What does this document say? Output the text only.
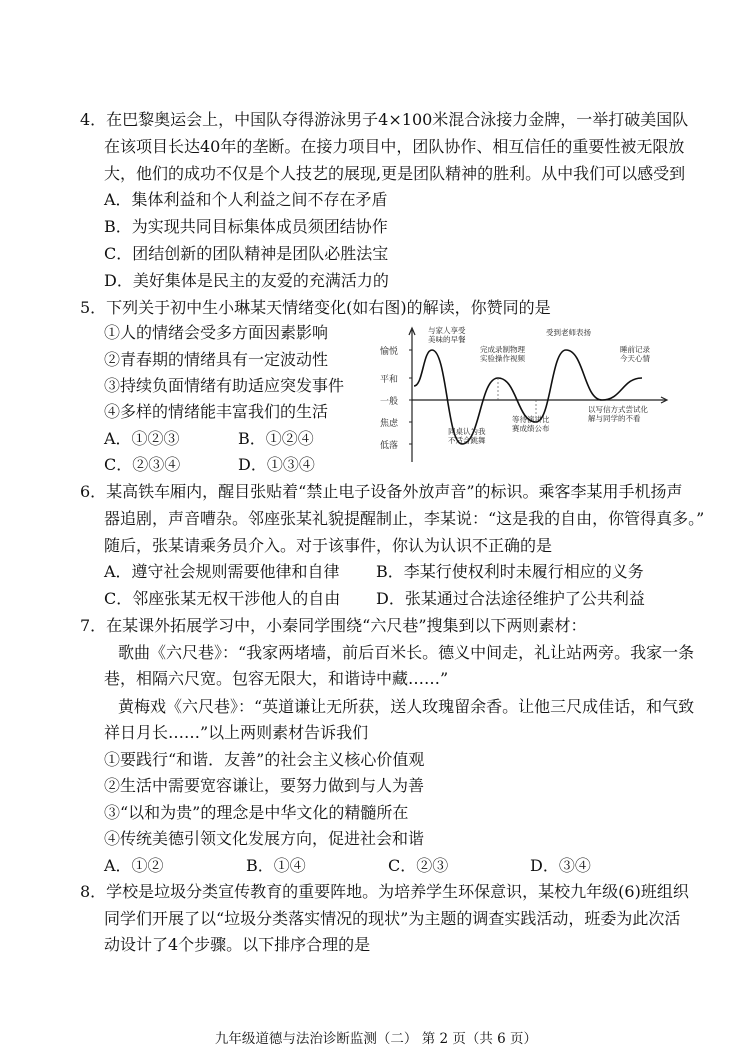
4．在巴黎奥运会上，中国队夺得游泳男子4×100米混合泳接力金牌，一举打破美国队
在该项目长达40年的垄断。在接力项目中，团队协作、相互信任的重要性被无限放
大，他们的成功不仅是个人技艺的展现,更是团队精神的胜利。从中我们可以感受到
A．集体利益和个人利益之间不存在矛盾
B．为实现共同目标集体成员须团结协作
C．团结创新的团队精神是团队必胜法宝
D．美好集体是民主的友爱的充满活力的
5．下列关于初中生小琳某天情绪变化(如右图)的解读，你赞同的是
①人的情绪会受多方面因素影响
②青春期的情绪具有一定波动性
③持续负面情绪有助适应突发事件
④多样的情绪能丰富我们的生活
A．①②③	B．①②④
C．②③④	D．①③④
愉悦
平和
一般
焦虑
低落
与家人享受美味的早餐
同桌认为我不适合跳舞
完成录制物理实验操作视频
等待演讲比赛成绩公布
受到老师表扬
以写信方式尝试化解与同学的不看
睡前记录今天心情
6．某高铁车厢内，醒目张贴着“禁止电子设备外放声音”的标识。乘客李某用手机扬声
器追剧，声音嘈杂。邻座张某礼貌提醒制止，李某说：“这是我的自由，你管得真多。”
随后，张某请乘务员介入。对于该事件，你认为认识不正确的是
A．遵守社会规则需要他律和自律 B．李某行使权利时未履行相应的义务
C．邻座张某无权干涉他人的自由 D．张某通过合法途径维护了公共利益
7．在某课外拓展学习中，小秦同学围绕“六尺巷”搜集到以下两则素材：
歌曲《六尺巷》：“我家两堵墙，前后百米长。德义中间走，礼让站两旁。我家一条
巷，相隔六尺宽。包容无限大，和谐诗中藏……”
黄梅戏《六尺巷》：“英道谦让无所获，送人玫瑰留余香。让他三尺成佳话，和气致
祥日月长……”以上两则素材告诉我们
①要践行“和谐．友善”的社会主义核心价值观
②生活中需要宽容谦让，要努力做到与人为善
③“以和为贵”的理念是中华文化的精髓所在
④传统美德引领文化发展方向，促进社会和谐
A．①②	B．①④	C．②③	D．③④
8．学校是垃圾分类宣传教育的重要阵地。为培养学生环保意识，某校九年级(6)班组织
同学们开展了以“垃圾分类落实情况的现状”为主题的调查实践活动，班委为此次活
动设计了4个步骤。以下排序合理的是
九年级道德与法治诊断监测（二） 第 2 页（共 6 页）
